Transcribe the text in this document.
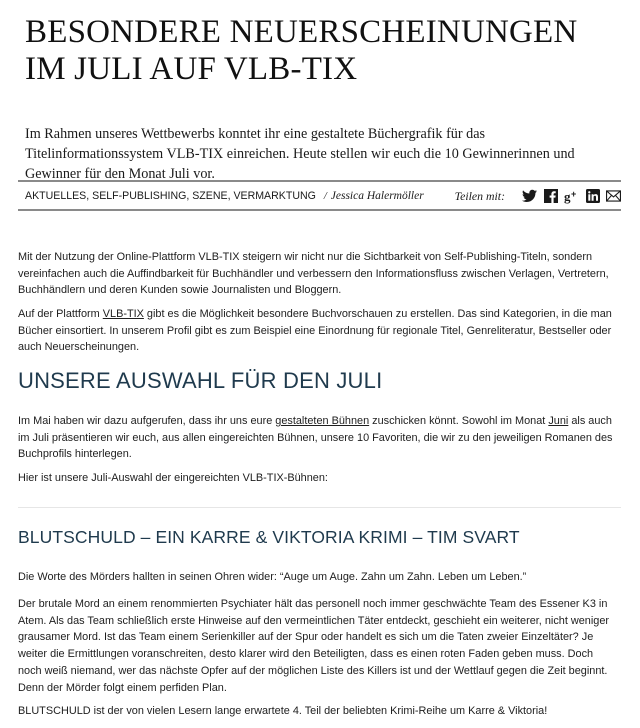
BESONDERE NEUERSCHEINUNGEN
IM JULI AUF VLB-TIX

Im Rahmen unseres Wettbewerbs konntet ihr eine gestaltete Büchergrafik für das Titelinformationssystem VLB-TIX einreichen. Heute stellen wir euch die 10 Gewinnerinnen und Gewinner für den Monat Juli vor.

AKTUELLES, SELF-PUBLISHING, SZENE, VERMARKTUNG / Jessica Halermöller	Teilen mit:	g +

Mit der Nutzung der Online-Plattform VLB-TIX steigern wir nicht nur die Sichtbarkeit von Self-Publishing-Titeln, sondern vereinfachen auch die Auffindbarkeit für Buchhändler und verbessern den Informationsfluss zwischen Verlagen, Vertretern, Buchhändlern und deren Kunden sowie Journalisten und Bloggern.

Auf der Plattform VLB-TIX gibt es die Möglichkeit besondere Buchvorschauen zu erstellen. Das sind Kategorien, in die man Bücher einsortiert. In unserem Profil gibt es zum Beispiel eine Einordnung für regionale Titel, Genreliteratur, Bestseller oder auch Neuerscheinungen.

UNSERE AUSWAHL FÜR DEN JULI

Im Mai haben wir dazu aufgerufen, dass ihr uns eure gestalteten Bühnen zuschicken könnt. Sowohl im Monat Juni als auch im Juli präsentieren wir euch, aus allen eingereichten Bühnen, unsere 10 Favoriten, die wir zu den jeweiligen Romanen des Buchprofils hinterlegen.

Hier ist unsere Juli-Auswahl der eingereichten VLB-TIX-Bühnen:

BLUTSCHULD – EIN KARRE & VIKTORIA KRIMI – TIM SVART

Die Worte des Mörders hallten in seinen Ohren wider: “Auge um Auge. Zahn um Zahn. Leben um Leben.”

Der brutale Mord an einem renommierten Psychiater hält das personell noch immer geschwächte Team des Essener K3 in Atem. Als das Team schließlich erste Hinweise auf den vermeintlichen Täter entdeckt, geschieht ein weiterer, nicht weniger grausamer Mord. Ist das Team einem Serienkiller auf der Spur oder handelt es sich um die Taten zweier Einzeltäter? Je weiter die Ermittlungen voranschreiten, desto klarer wird den Beteiligten, dass es einen roten Faden geben muss. Doch noch weiß niemand, wer das nächste Opfer auf der möglichen Liste des Killers ist und der Wettlauf gegen die Zeit beginnt. Denn der Mörder folgt einem perfiden Plan.

BLUTSCHULD ist der von vielen Lesern lange erwartete 4. Teil der beliebten Krimi-Reihe um Karre & Viktoria!
